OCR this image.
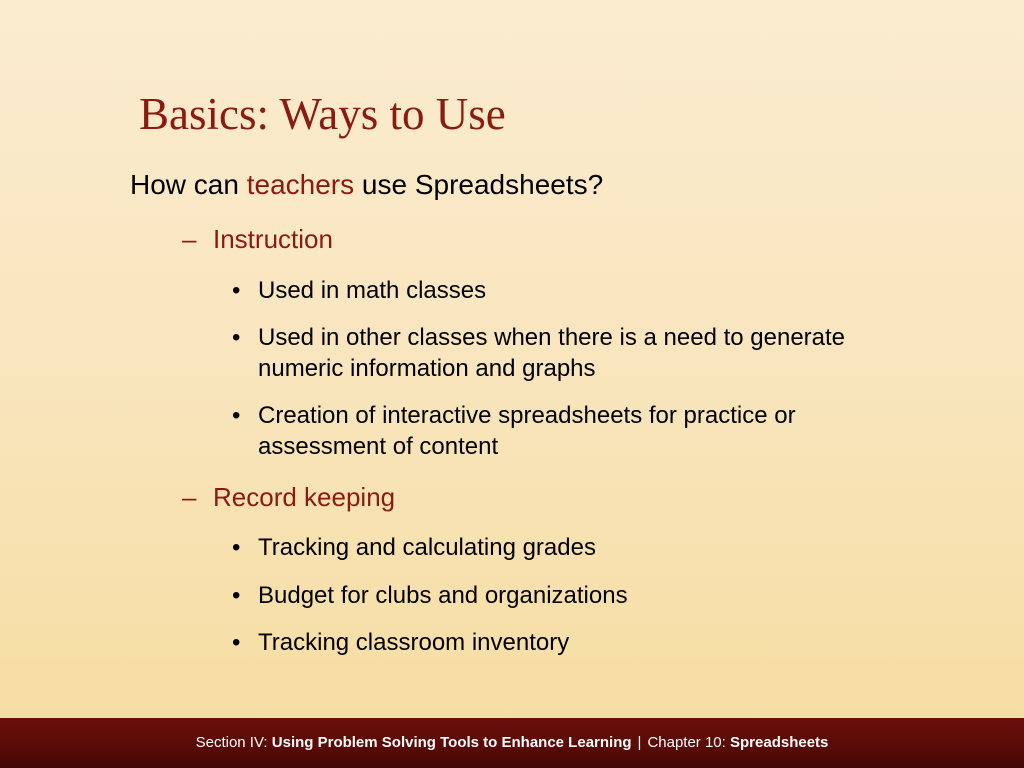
Basics: Ways to Use
How can teachers use Spreadsheets?
– Instruction
• Used in math classes
• Used in other classes when there is a need to generate numeric information and graphs
• Creation of interactive spreadsheets for practice or assessment of content
– Record keeping
• Tracking and calculating grades
• Budget for clubs and organizations
• Tracking classroom inventory
Section IV: Using Problem Solving Tools to Enhance Learning | Chapter 10: Spreadsheets
